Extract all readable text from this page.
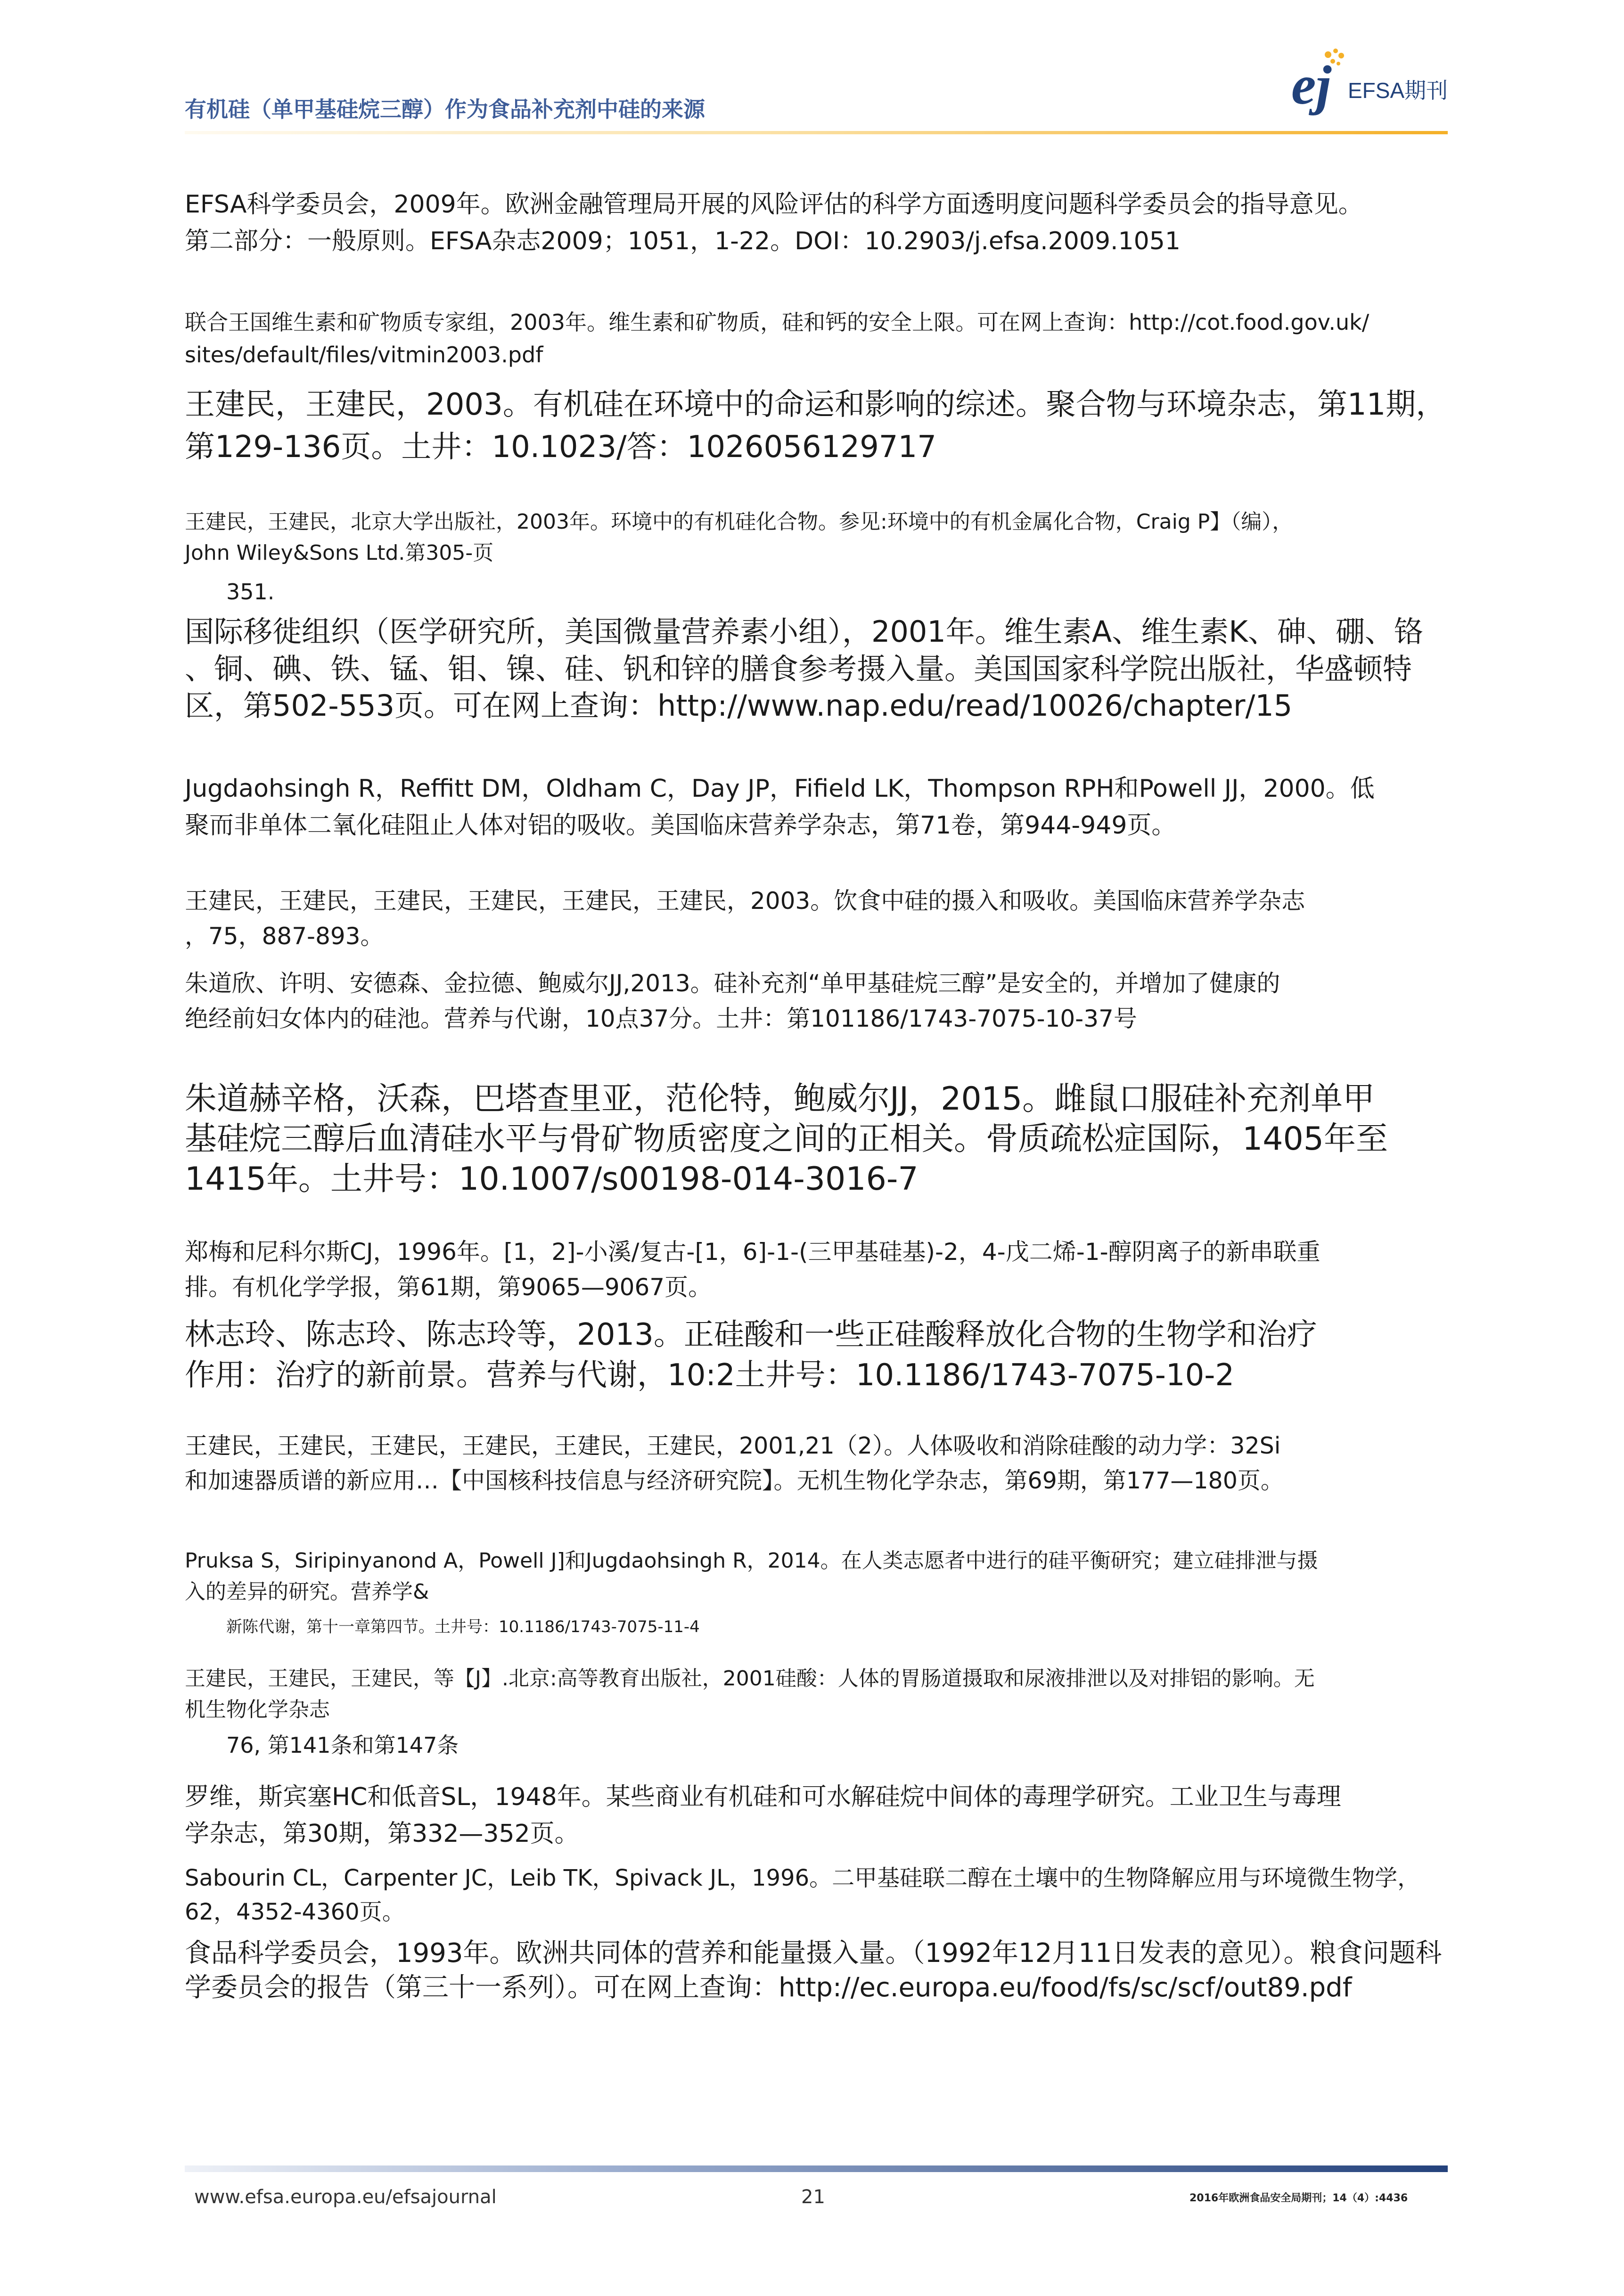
有机硅（单甲基硅烷三醇）作为食品补充剂中硅的来源	ej EFSA期刊

EFSA科学委员会，2009年。欧洲金融管理局开展的风险评估的科学方面透明度问题科学委员会的指导意见。
第二部分：一般原则。EFSA杂志2009；1051，1-22。DOI：10.2903/j.efsa.2009.1051

联合王国维生素和矿物质专家组，2003年。维生素和矿物质，硅和钙的安全上限。可在网上查询：http://cot.food.gov.uk/
sites/default/files/vitmin2003.pdf

王建民，王建民，2003。有机硅在环境中的命运和影响的综述。聚合物与环境杂志，第11期，
第129-136页。土井：10.1023/答：1026056129717

王建民，王建民，北京大学出版社，2003年。环境中的有机硅化合物。参见:环境中的有机金属化合物，Craig P】（编），
John Wiley&Sons Ltd.第305-页

351.

国际移徙组织（医学研究所，美国微量营养素小组），2001年。维生素A、维生素K、砷、硼、铬
、铜、碘、铁、锰、钼、镍、硅、钒和锌的膳食参考摄入量。美国国家科学院出版社，华盛顿特
区，第502-553页。可在网上查询：http://www.nap.edu/read/10026/chapter/15

Jugdaohsingh R，Reffitt DM，Oldham C，Day JP，Fifield LK，Thompson RPH和Powell JJ，2000。低
聚而非单体二氧化硅阻止人体对铝的吸收。美国临床营养学杂志，第71卷，第944-949页。

王建民，王建民，王建民，王建民，王建民，王建民，2003。饮食中硅的摄入和吸收。美国临床营养学杂志
，75，887-893。

朱道欣、许明、安德森、金拉德、鲍威尔JJ,2013。硅补充剂“单甲基硅烷三醇”是安全的，并增加了健康的
绝经前妇女体内的硅池。营养与代谢，10点37分。土井：第101186/1743-7075-10-37号

朱道赫辛格，沃森，巴塔查里亚，范伦特，鲍威尔JJ，2015。雌鼠口服硅补充剂单甲
基硅烷三醇后血清硅水平与骨矿物质密度之间的正相关。骨质疏松症国际，1405年至
1415年。土井号：10.1007/s00198-014-3016-7

郑梅和尼科尔斯CJ，1996年。[1，2]-小溪/复古-[1，6]-1-(三甲基硅基)-2，4-戊二烯-1-醇阴离子的新串联重
排。有机化学学报，第61期，第9065—9067页。

林志玲、陈志玲、陈志玲等，2013。正硅酸和一些正硅酸释放化合物的生物学和治疗
作用：治疗的新前景。营养与代谢，10:2土井号：10.1186/1743-7075-10-2

王建民，王建民，王建民，王建民，王建民，王建民，2001,21（2）。人体吸收和消除硅酸的动力学：32Si
和加速器质谱的新应用…【中国核科技信息与经济研究院】。无机生物化学杂志，第69期，第177—180页。

Pruksa S，Siripinyanond A，Powell J]和Jugdaohsingh R，2014。在人类志愿者中进行的硅平衡研究；建立硅排泄与摄
入的差异的研究。营养学&

新陈代谢，第十一章第四节。土井号：10.1186/1743-7075-11-4

王建民，王建民，王建民，等【J】.北京:高等教育出版社，2001硅酸：人体的胃肠道摄取和尿液排泄以及对排铝的影响。无
机生物化学杂志

76, 第141条和第147条

罗维，斯宾塞HC和低音SL，1948年。某些商业有机硅和可水解硅烷中间体的毒理学研究。工业卫生与毒理
学杂志，第30期，第332—352页。

Sabourin CL，Carpenter JC，Leib TK，Spivack JL，1996。二甲基硅联二醇在土壤中的生物降解应用与环境微生物学，
62，4352-4360页。

食品科学委员会，1993年。欧洲共同体的营养和能量摄入量。（1992年12月11日发表的意见）。粮食问题科
学委员会的报告（第三十一系列）。可在网上查询：http://ec.europa.eu/food/fs/sc/scf/out89.pdf

www.efsa.europa.eu/efsajournal	21	2016年欧洲食品安全局期刊；14（4）:4436
